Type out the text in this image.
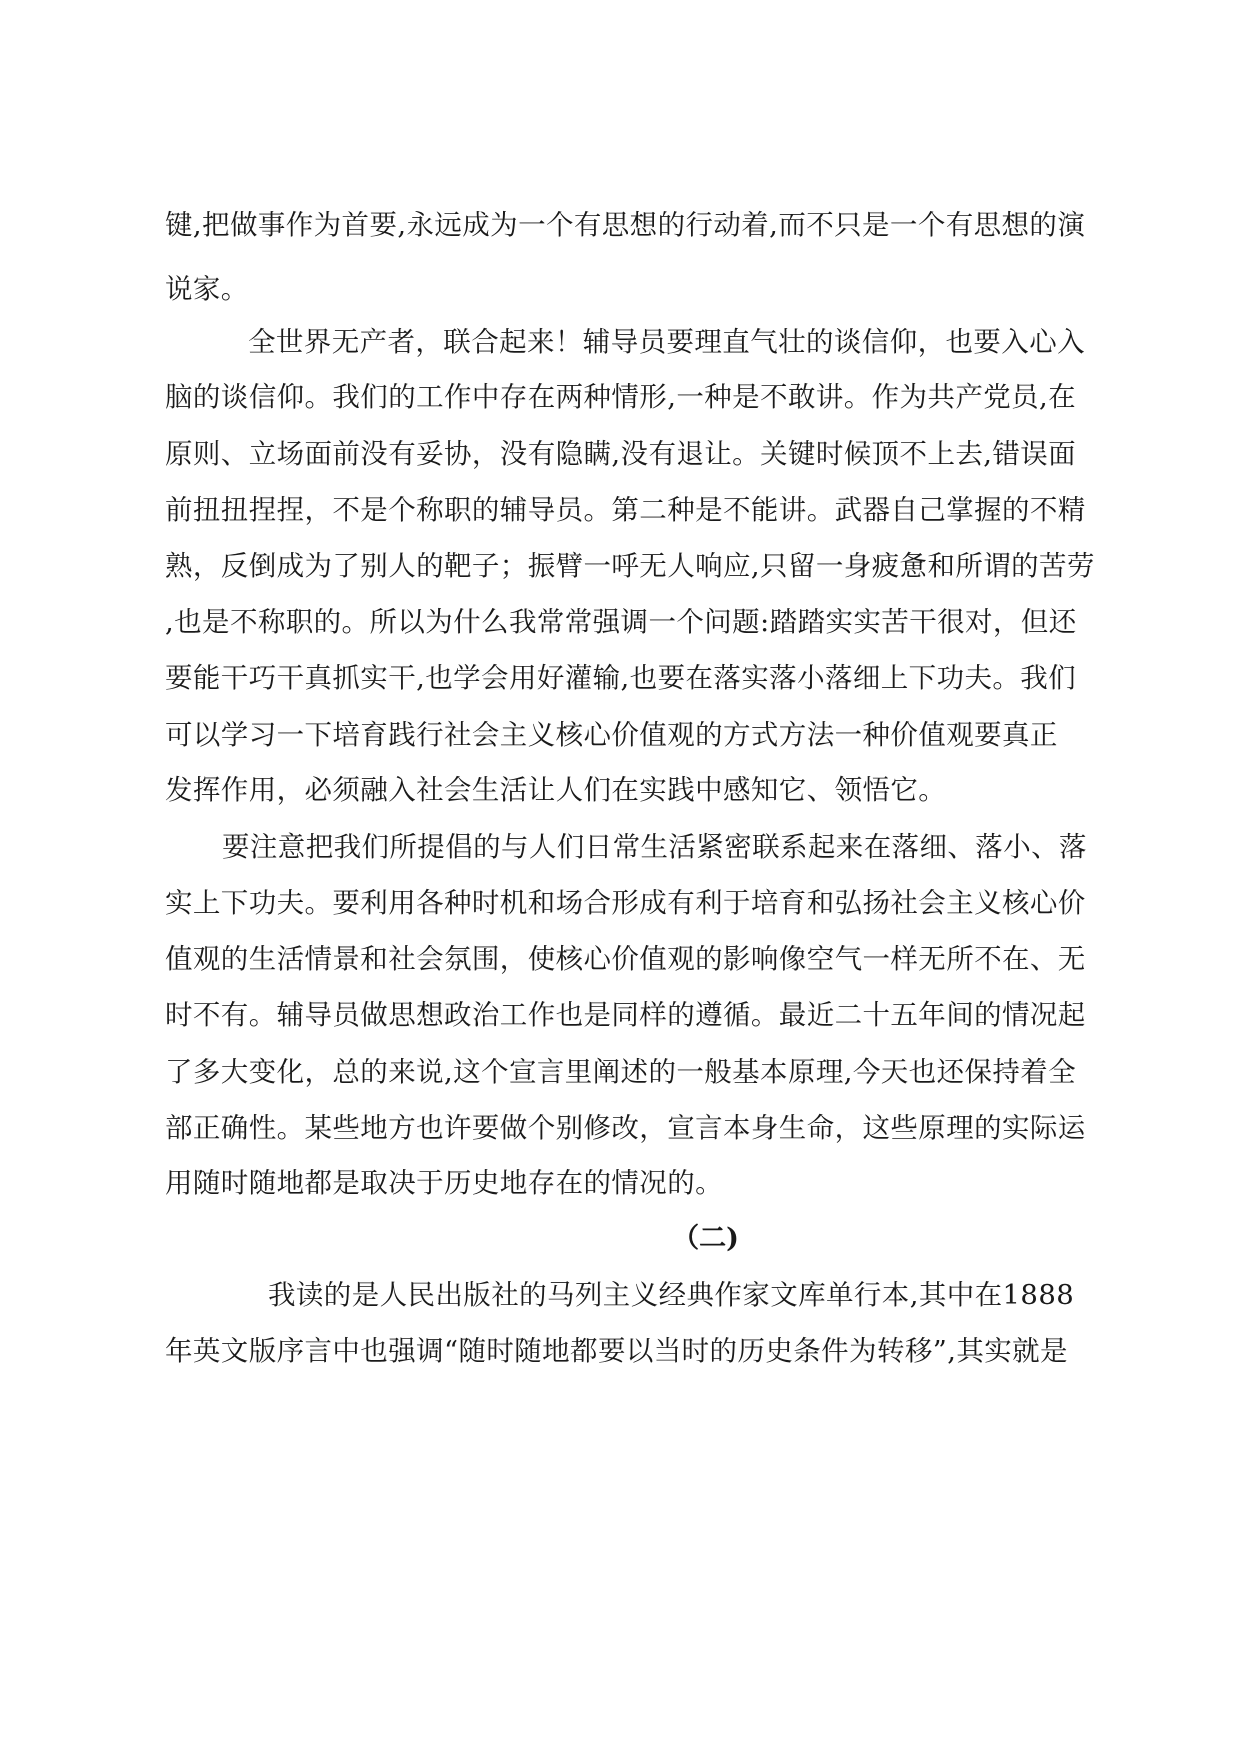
键,把做事作为首要,永远成为一个有思想的行动着,而不只是一个有思想的演
说家。
全世界无产者，联合起来！辅导员要理直气壮的谈信仰，也要入心入
脑的谈信仰。我们的工作中存在两种情形,一种是不敢讲。作为共产党员,在
原则、立场面前没有妥协，没有隐瞒,没有退让。关键时候顶不上去,错误面
前扭扭捏捏，不是个称职的辅导员。第二种是不能讲。武器自己掌握的不精
熟，反倒成为了别人的靶子；振臂一呼无人响应,只留一身疲惫和所谓的苦劳
,也是不称职的。所以为什么我常常强调一个问题:踏踏实实苦干很对，但还
要能干巧干真抓实干,也学会用好灌输,也要在落实落小落细上下功夫。我们
可以学习一下培育践行社会主义核心价值观的方式方法一种价值观要真正
发挥作用，必须融入社会生活让人们在实践中感知它、领悟它。
要注意把我们所提倡的与人们日常生活紧密联系起来在落细、落小、落
实上下功夫。要利用各种时机和场合形成有利于培育和弘扬社会主义核心价
值观的生活情景和社会氛围，使核心价值观的影响像空气一样无所不在、无
时不有。辅导员做思想政治工作也是同样的遵循。最近二十五年间的情况起
了多大变化，总的来说,这个宣言里阐述的一般基本原理,今天也还保持着全
部正确性。某些地方也许要做个别修改，宣言本身生命，这些原理的实际运
用随时随地都是取决于历史地存在的情况的。
（二)
我读的是人民出版社的马列主义经典作家文库单行本,其中在1888
年英文版序言中也强调“随时随地都要以当时的历史条件为转移”,其实就是
